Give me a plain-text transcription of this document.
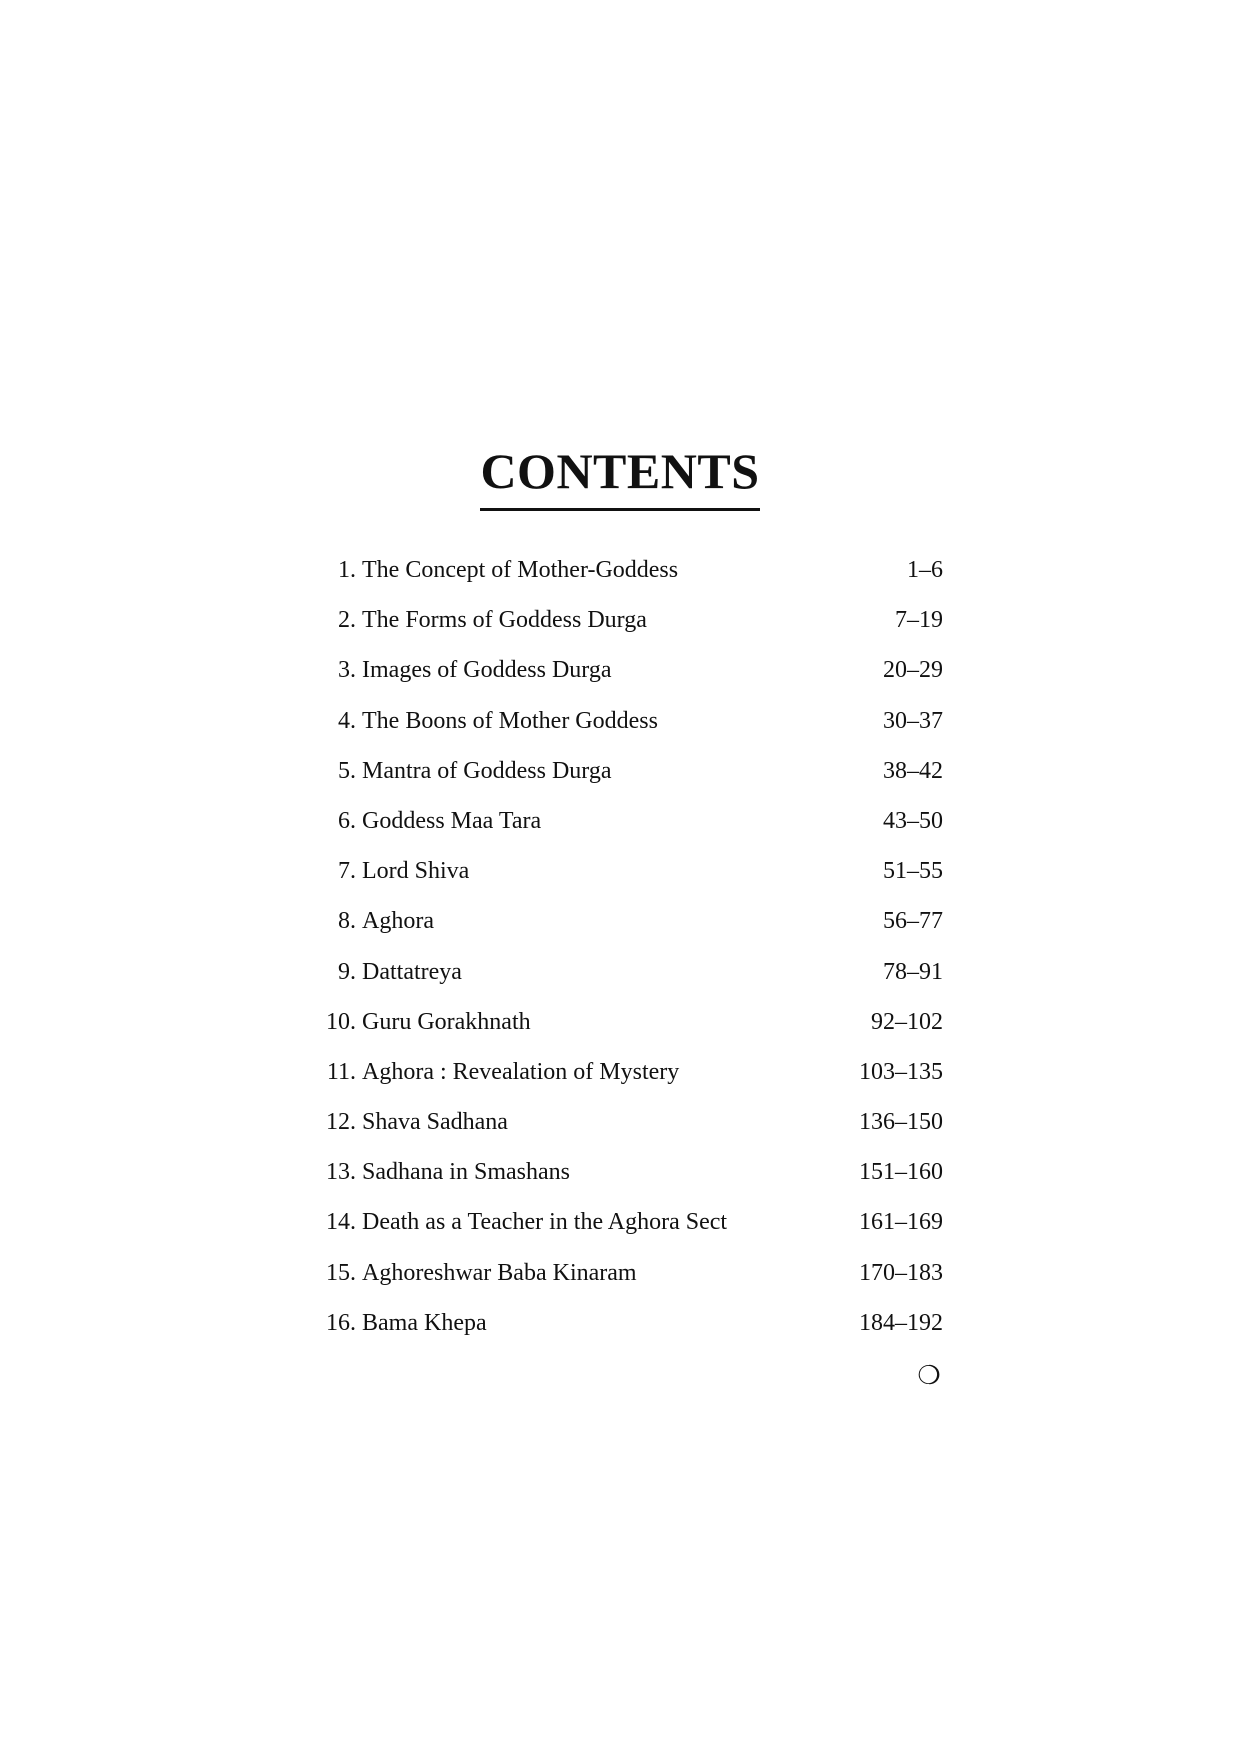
CONTENTS
1. The Concept of Mother-Goddess	1–6
2. The Forms of Goddess Durga	7–19
3. Images of Goddess Durga	20–29
4. The Boons of Mother Goddess	30–37
5. Mantra of Goddess Durga	38–42
6. Goddess Maa Tara	43–50
7. Lord Shiva	51–55
8. Aghora	56–77
9. Dattatreya	78–91
10. Guru Gorakhnath	92–102
11. Aghora : Revealation of Mystery	103–135
12. Shava Sadhana	136–150
13. Sadhana in Smashans	151–160
14. Death as a Teacher in the Aghora Sect	161–169
15. Aghoreshwar Baba Kinaram	170–183
16. Bama Khepa	184–192
❍
